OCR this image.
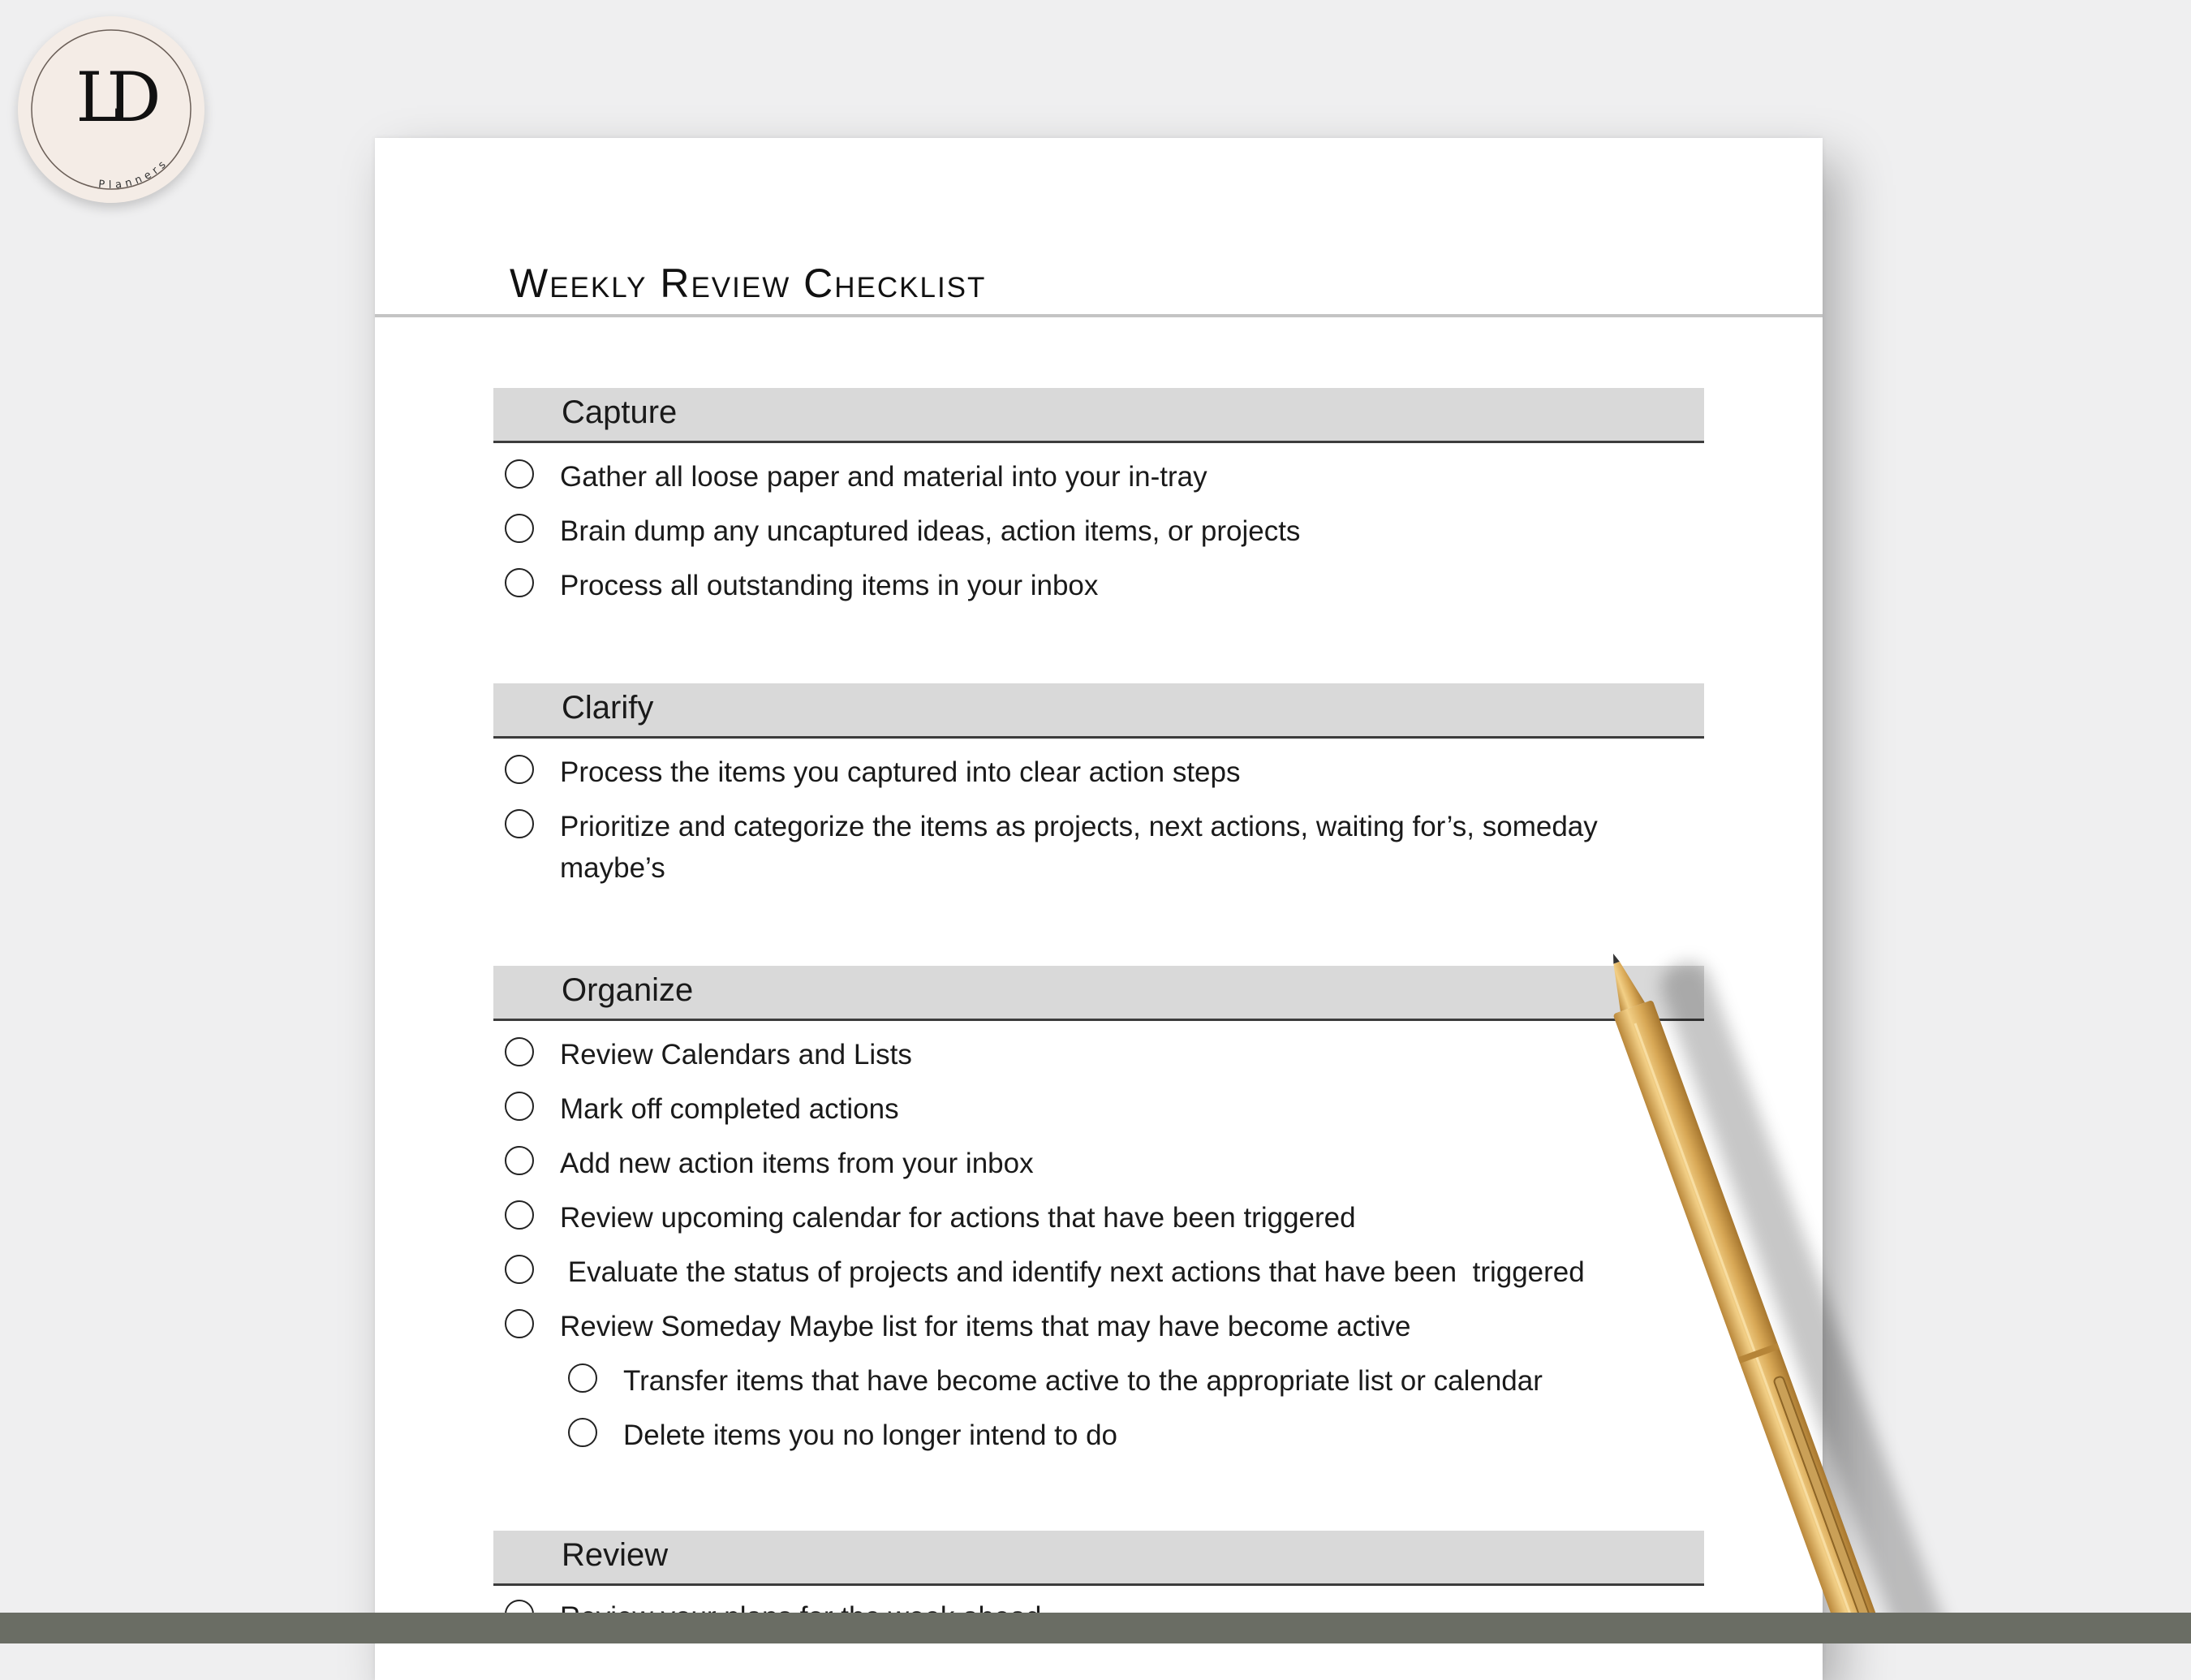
Planners
LD
Weekly Review Checklist
Capture
Gather all loose paper and material into your in-tray
Brain dump any uncaptured ideas, action items, or projects
Process all outstanding items in your inbox
Clarify
Process the items you captured into clear action steps
Prioritize and categorize the items as projects, next actions, waiting for’s, someday maybe’s
Organize
Review Calendars and Lists
Mark off completed actions
Add new action items from your inbox
Review upcoming calendar for actions that have been triggered
Evaluate the status of projects and identify next actions that have been  triggered
Review Someday Maybe list for items that may have become active
Transfer items that have become active to the appropriate list or calendar
Delete items you no longer intend to do
Review
